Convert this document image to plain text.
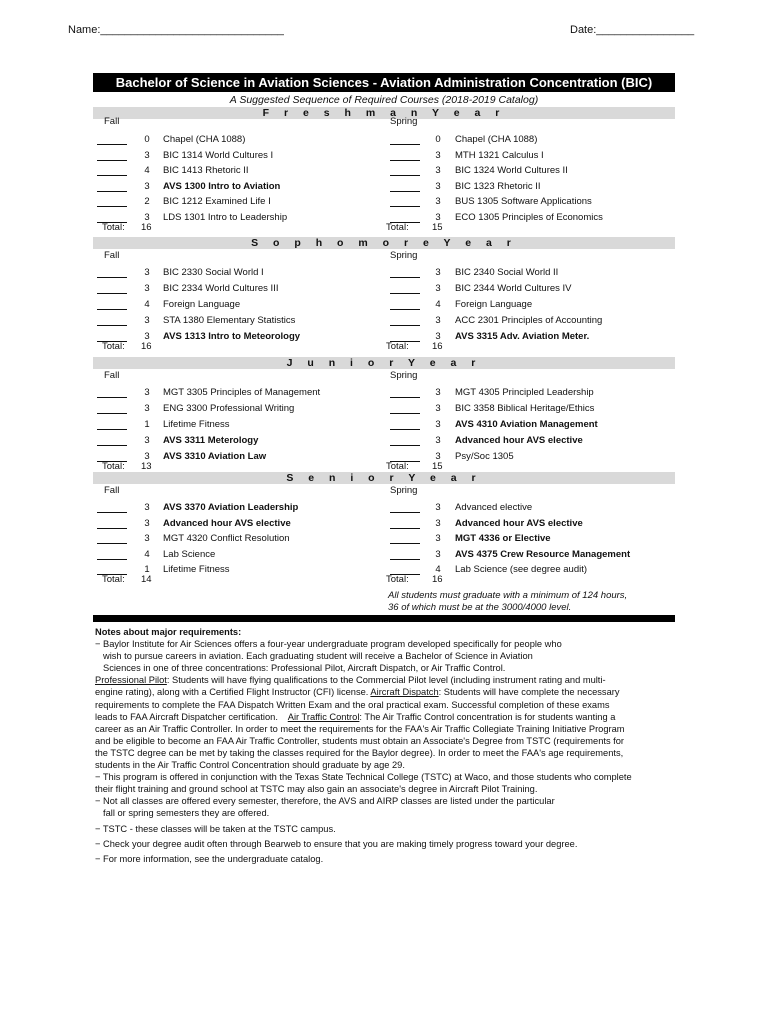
Name:______________________________	Date:________________
Bachelor of Science in Aviation Sciences - Aviation Administration Concentration (BIC)
A Suggested Sequence of Required Courses (2018-2019 Catalog)
F r e s h m a n Y e a r
Fall	Spring
0	Chapel (CHA 1088)
3	BIC 1314 World Cultures I
4	BIC 1413 Rhetoric II
3	AVS 1300 Intro to Aviation
2	BIC 1212 Examined Life I
3	LDS 1301 Intro to Leadership
0	Chapel (CHA 1088)
3	MTH 1321 Calculus I
3	BIC 1324 World Cultures II
3	BIC 1323 Rhetoric II
3	BUS 1305 Software Applications
3	ECO 1305 Principles of Economics
Total: 16	Total: 15
S o p h o m o r e Y e a r
Fall	Spring
3	BIC 2330 Social World I
3	BIC 2334 World Cultures III
4	Foreign Language
3	STA 1380 Elementary Statistics
3	AVS 1313 Intro to Meteorology
3	BIC 2340 Social World II
3	BIC 2344 World Cultures IV
4	Foreign Language
3	ACC 2301 Principles of Accounting
3	AVS 3315 Adv. Aviation Meter.
Total: 16	Total: 16
J u n i o r Y e a r
Fall	Spring
3	MGT 3305 Principles of Management
3	ENG 3300 Professional Writing
1	Lifetime Fitness
3	AVS 3311 Meterology
3	AVS 3310 Aviation Law
3	MGT 4305 Principled Leadership
3	BIC 3358 Biblical Heritage/Ethics
3	AVS 4310 Aviation Management
3	Advanced hour AVS elective
3	Psy/Soc 1305
Total: 13	Total: 15
S e n i o r Y e a r
Fall	Spring
3	AVS 3370 Aviation Leadership
3	Advanced hour AVS elective
3	MGT 4320 Conflict Resolution
4	Lab Science
1	Lifetime Fitness
3	Advanced elective
3	Advanced hour AVS elective
3	MGT 4336 or Elective
3	AVS 4375 Crew Resource Management
4	Lab Science (see degree audit)
Total: 14	Total: 16
All students must graduate with a minimum of 124 hours,
36 of which must be at the 3000/4000 level.
Notes about major requirements:
− Baylor Institute for Air Sciences offers a four-year undergraduate program developed specifically for people who
wish to pursue careers in aviation. Each graduating student will receive a Bachelor of Science in Aviation
Sciences in one of three concentrations: Professional Pilot, Aircraft Dispatch, or Air Traffic Control.
Professional Pilot: Students will have flying qualifications to the Commercial Pilot level (including instrument rating and multi-
engine rating), along with a Certified Flight Instructor (CFI) license. Aircraft Dispatch: Students will have complete the necessary
requirements to complete the FAA Dispatch Written Exam and the oral practical exam. Successful completion of these exams
leads to FAA Aircraft Dispatcher certification.    Air Traffic Control: The Air Traffic Control concentration is for students wanting a
career as an Air Traffic Controller. In order to meet the requirements for the FAA's Air Traffic Collegiate Training Initiative Program
and be eligible to become an FAA Air Traffic Controller, students must obtain an Associate's Degree from TSTC (requirements for
the TSTC degree can be met by taking the classes required for the Baylor degree). In order to meet the FAA's age requirements,
students in the Air Traffic Control Concentration should graduate by age 29.
− This program is offered in conjunction with the Texas State Technical College (TSTC) at Waco, and those students who complete
their flight training and ground school at TSTC may also gain an associate's degree in Aircraft Pilot Training.
− Not all classes are offered every semester, therefore, the AVS and AIRP classes are listed under the particular
fall or spring semesters they are offered.
− TSTC - these classes will be taken at the TSTC campus.
− Check your degree audit often through Bearweb to ensure that you are making timely progress toward your degree.
− For more information, see the undergraduate catalog.
